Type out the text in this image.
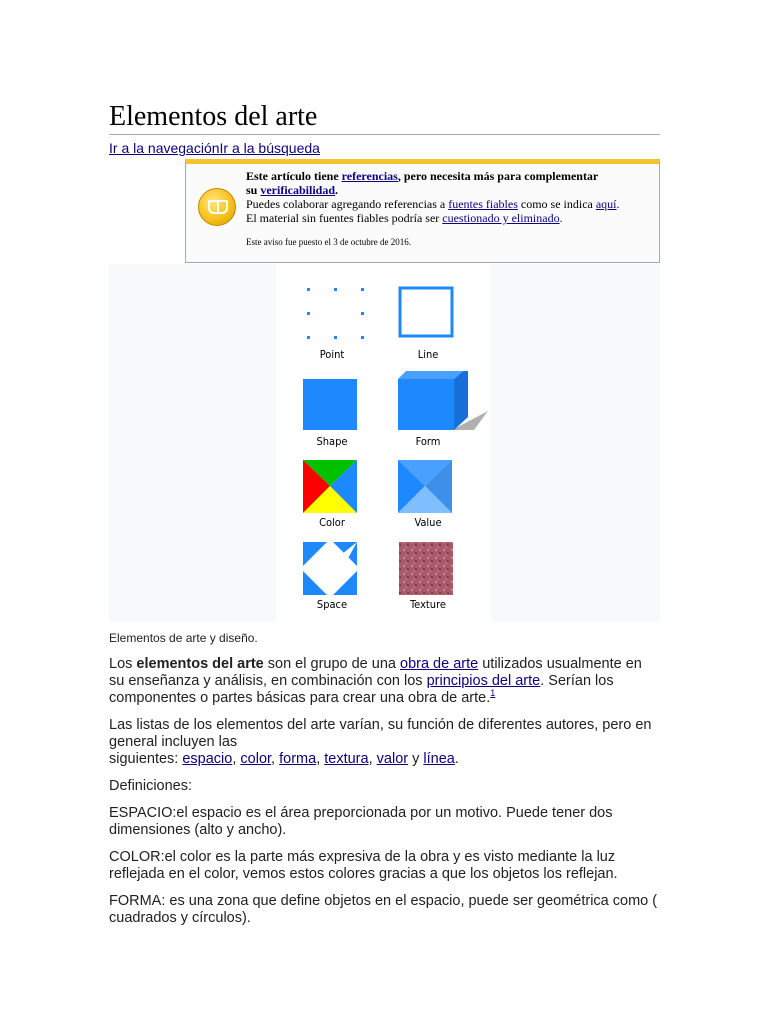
Elementos del arte
Ir a la navegaciónIr a la búsqueda
Este artículo tiene referencias, pero necesita más para complementar
su verificabilidad.
Puedes colaborar agregando referencias a fuentes fiables como se indica aquí.
El material sin fuentes fiables podría ser cuestionado y eliminado.
Este aviso fue puesto el 3 de octubre de 2016.
Point	Line
Shape	Form
Color	Value
Space	Texture
Elementos de arte y diseño.

Los elementos del arte son el grupo de una obra de arte utilizados usualmente en su enseñanza y análisis, en combinación con los principios del arte. Serían los componentes o partes básicas para crear una obra de arte.$^1$

Las listas de los elementos del arte varían, su función de diferentes autores, pero en general incluyen las
siguientes: espacio, color, forma, textura, valor y línea.

Definiciones:

ESPACIO:el espacio es el área preporcionada por un motivo. Puede tener dos dimensiones (alto y ancho).

COLOR:el color es la parte más expresiva de la obra y es visto mediante la luz reflejada en el color, vemos estos colores gracias a que los objetos los reflejan.

FORMA: es una zona que define objetos en el espacio, puede ser geométrica como ( cuadrados y círculos).
